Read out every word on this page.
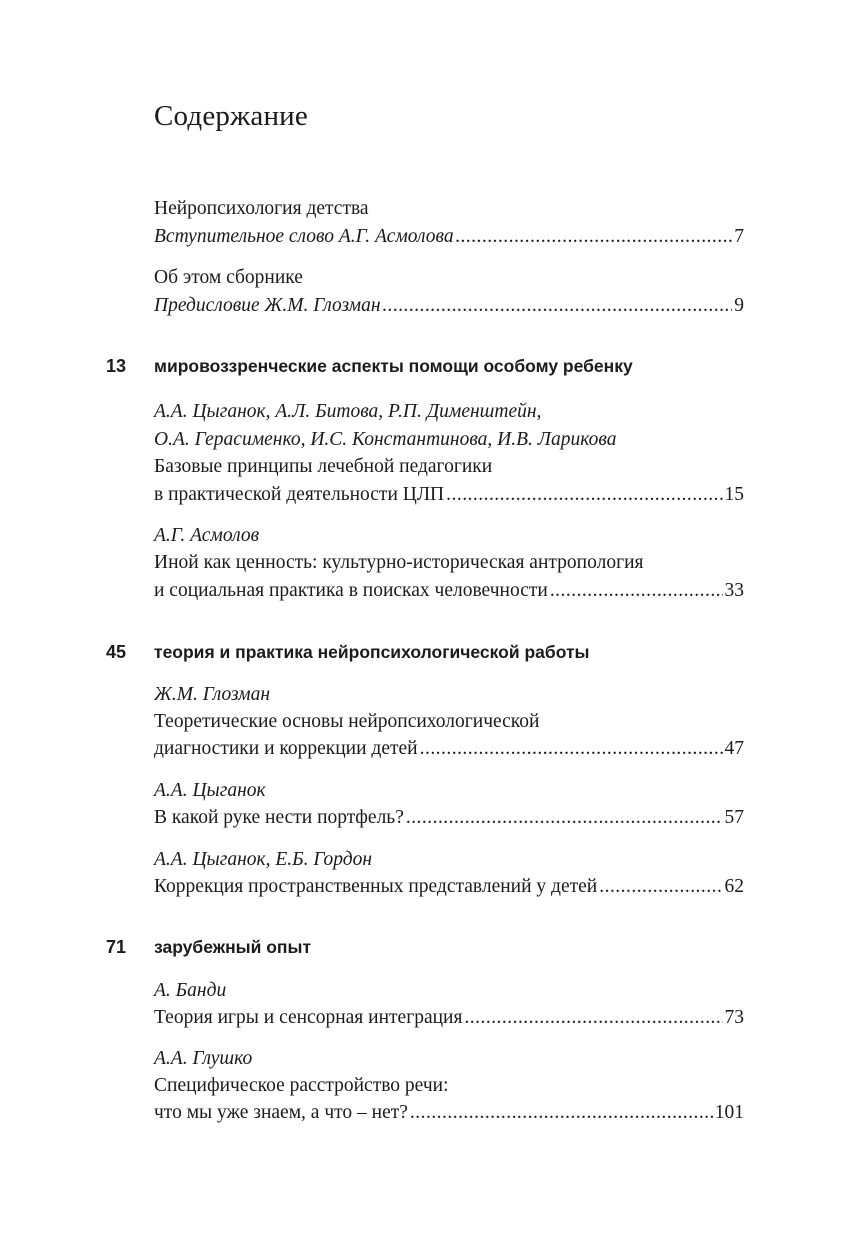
Содержание
Нейропсихология детства
Вступительное слово А.Г. Асмолова . . .	7
Об этом сборнике
Предисловие Ж.М. Глозман . . .	9
13 мировоззренческие аспекты помощи особому ребенку
А.А. Цыганок, А.Л. Битова, Р.П. Дименштейн,
О.А. Герасименко, И.С. Константинова, И.В. Ларикова
Базовые принципы лечебной педагогики
в практической деятельности ЦЛП . . .	15
А.Г. Асмолов
Иной как ценность: культурно-историческая антропология
и социальная практика в поисках человечности . . .	33
45 теория и практика нейропсихологической работы
Ж.М. Глозман
Теоретические основы нейропсихологической
диагностики и коррекции детей . . .	47
А.А. Цыганок
В какой руке нести портфель? . . .	57
А.А. Цыганок, Е.Б. Гордон
Коррекция пространственных представлений у детей . . .	62
71 зарубежный опыт
А. Банди
Теория игры и сенсорная интеграция . . .	73
А.А. Глушко
Специфическое расстройство речи:
что мы уже знаем, а что – нет? . . .	101
